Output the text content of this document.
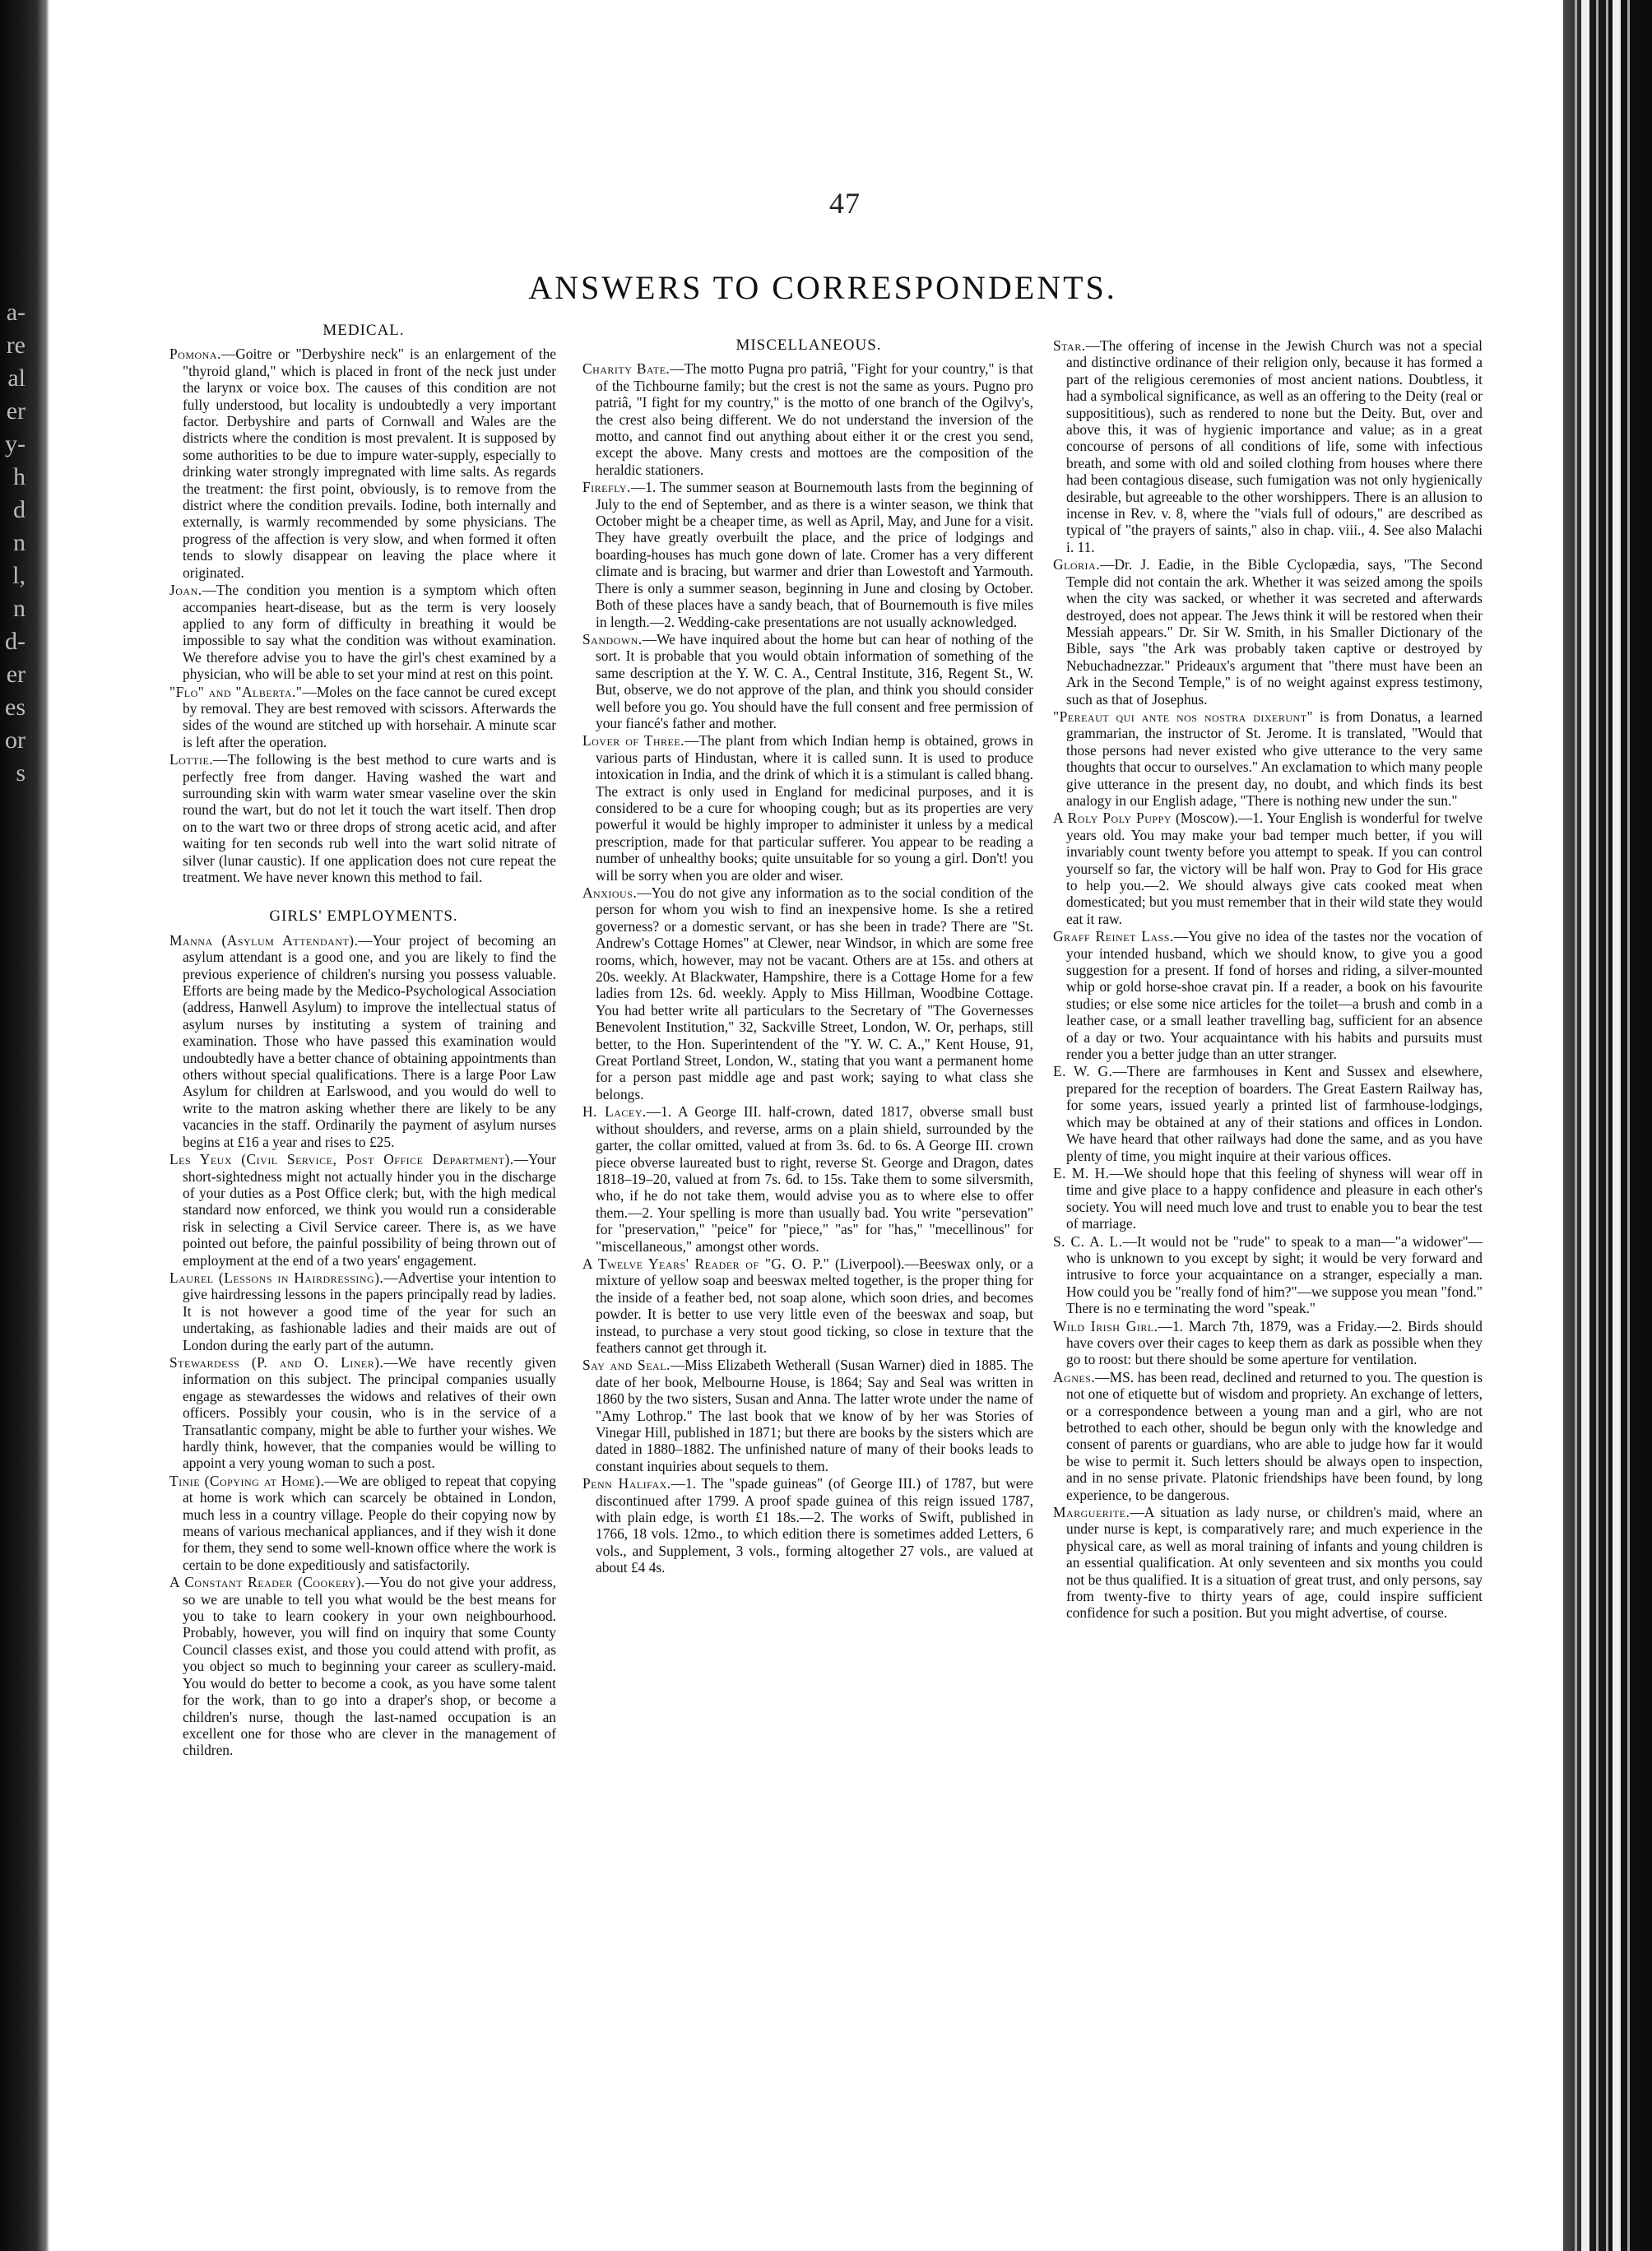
a-
re
al
er
y-
h
d
n
l,
n
d-
er
es
or
s
47
ANSWERS TO CORRESPONDENTS.
MEDICAL.

Pomona.—Goitre or "Derbyshire neck" is an enlargement of the "thyroid gland," which is placed in front of the neck just under the larynx or voice box. The causes of this condition are not fully understood, but locality is undoubtedly a very important factor. Derbyshire and parts of Cornwall and Wales are the districts where the condition is most prevalent. It is supposed by some authorities to be due to impure water-supply, especially to drinking water strongly impregnated with lime salts. As regards the treatment: the first point, obviously, is to remove from the district where the condition prevails. Iodine, both internally and externally, is warmly recommended by some physicians. The progress of the affection is very slow, and when formed it often tends to slowly disappear on leaving the place where it originated.

Joan.—The condition you mention is a symptom which often accompanies heart-disease, but as the term is very loosely applied to any form of difficulty in breathing it would be impossible to say what the condition was without examination. We therefore advise you to have the girl's chest examined by a physician, who will be able to set your mind at rest on this point.

"Flo" and "Alberta."—Moles on the face cannot be cured except by removal. They are best removed with scissors. Afterwards the sides of the wound are stitched up with horsehair. A minute scar is left after the operation.

Lottie.—The following is the best method to cure warts and is perfectly free from danger. Having washed the wart and surrounding skin with warm water smear vaseline over the skin round the wart, but do not let it touch the wart itself. Then drop on to the wart two or three drops of strong acetic acid, and after waiting for ten seconds rub well into the wart solid nitrate of silver (lunar caustic). If one application does not cure repeat the treatment. We have never known this method to fail.

GIRLS' EMPLOYMENTS.

Manna (Asylum Attendant).—Your project of becoming an asylum attendant is a good one, and you are likely to find the previous experience of children's nursing you possess valuable. Efforts are being made by the Medico-Psychological Association (address, Hanwell Asylum) to improve the intellectual status of asylum nurses by instituting a system of training and examination. Those who have passed this examination would undoubtedly have a better chance of obtaining appointments than others without special qualifications. There is a large Poor Law Asylum for children at Earlswood, and you would do well to write to the matron asking whether there are likely to be any vacancies in the staff. Ordinarily the payment of asylum nurses begins at £16 a year and rises to £25.

Les Yeux (Civil Service, Post Office Department).—Your short-sightedness might not actually hinder you in the discharge of your duties as a Post Office clerk; but, with the high medical standard now enforced, we think you would run a considerable risk in selecting a Civil Service career. There is, as we have pointed out before, the painful possibility of being thrown out of employment at the end of a two years' engagement.

Laurel (Lessons in Hairdressing).—Advertise your intention to give hairdressing lessons in the papers principally read by ladies. It is not however a good time of the year for such an undertaking, as fashionable ladies and their maids are out of London during the early part of the autumn.

Stewardess (P. and O. Liner).—We have recently given information on this subject. The principal companies usually engage as stewardesses the widows and relatives of their own officers. Possibly your cousin, who is in the service of a Transatlantic company, might be able to further your wishes. We hardly think, however, that the companies would be willing to appoint a very young woman to such a post.

Tinie (Copying at Home).—We are obliged to repeat that copying at home is work which can scarcely be obtained in London, much less in a country village. People do their copying now by means of various mechanical appliances, and if they wish it done for them, they send to some well-known office where the work is certain to be done expeditiously and satisfactorily.

A Constant Reader (Cookery).—You do not give your address, so we are unable to tell you what would be the best means for you to take to learn cookery in your own neighbourhood. Probably, however, you will find on inquiry that some County Council classes exist, and those you could attend with profit, as you object so much to beginning your career as scullery-maid. You would do better to become a cook, as you have some talent for the work, than to go into a draper's shop, or become a children's nurse, though the last-named occupation is an excellent one for those who are clever in the management of children.

MISCELLANEOUS.

Charity Bate.—The motto Pugna pro patriâ, "Fight for your country," is that of the Tichbourne family; but the crest is not the same as yours. Pugno pro patriâ, "I fight for my country," is the motto of one branch of the Ogilvy's, the crest also being different. We do not understand the inversion of the motto, and cannot find out anything about either it or the crest you send, except the above. Many crests and mottoes are the composition of the heraldic stationers.

Firefly.—1. The summer season at Bournemouth lasts from the beginning of July to the end of September, and as there is a winter season, we think that October might be a cheaper time, as well as April, May, and June for a visit. They have greatly overbuilt the place, and the price of lodgings and boarding-houses has much gone down of late. Cromer has a very different climate and is bracing, but warmer and drier than Lowestoft and Yarmouth. There is only a summer season, beginning in June and closing by October. Both of these places have a sandy beach, that of Bournemouth is five miles in length.—2. Wedding-cake presentations are not usually acknowledged.

Sandown.—We have inquired about the home but can hear of nothing of the sort. It is probable that you would obtain information of something of the same description at the Y. W. C. A., Central Institute, 316, Regent St., W. But, observe, we do not approve of the plan, and think you should consider well before you go. You should have the full consent and free permission of your fiancé's father and mother.

Lover of Three.—The plant from which Indian hemp is obtained, grows in various parts of Hindustan, where it is called sunn. It is used to produce intoxication in India, and the drink of which it is a stimulant is called bhang. The extract is only used in England for medicinal purposes, and it is considered to be a cure for whooping cough; but as its properties are very powerful it would be highly improper to administer it unless by a medical prescription, made for that particular sufferer. You appear to be reading a number of unhealthy books; quite unsuitable for so young a girl. Don't! you will be sorry when you are older and wiser.

Anxious.—You do not give any information as to the social condition of the person for whom you wish to find an inexpensive home. Is she a retired governess? or a domestic servant, or has she been in trade? There are "St. Andrew's Cottage Homes" at Clewer, near Windsor, in which are some free rooms, which, however, may not be vacant. Others are at 15s. and others at 20s. weekly. At Blackwater, Hampshire, there is a Cottage Home for a few ladies from 12s. 6d. weekly. Apply to Miss Hillman, Woodbine Cottage. You had better write all particulars to the Secretary of "The Governesses Benevolent Institution," 32, Sackville Street, London, W. Or, perhaps, still better, to the Hon. Superintendent of the "Y. W. C. A.," Kent House, 91, Great Portland Street, London, W., stating that you want a permanent home for a person past middle age and past work; saying to what class she belongs.

H. Lacey.—1. A George III. half-crown, dated 1817, obverse small bust without shoulders, and reverse, arms on a plain shield, surrounded by the garter, the collar omitted, valued at from 3s. 6d. to 6s. A George III. crown piece obverse laureated bust to right, reverse St. George and Dragon, dates 1818–19–20, valued at from 7s. 6d. to 15s. Take them to some silversmith, who, if he do not take them, would advise you as to where else to offer them.—2. Your spelling is more than usually bad. You write "persevation" for "preservation," "peice" for "piece," "as" for "has," "mecellinous" for "miscellaneous," amongst other words.

A Twelve Years' Reader of "G. O. P." (Liverpool).—Beeswax only, or a mixture of yellow soap and beeswax melted together, is the proper thing for the inside of a feather bed, not soap alone, which soon dries, and becomes powder. It is better to use very little even of the beeswax and soap, but instead, to purchase a very stout good ticking, so close in texture that the feathers cannot get through it.

Say and Seal.—Miss Elizabeth Wetherall (Susan Warner) died in 1885. The date of her book, Melbourne House, is 1864; Say and Seal was written in 1860 by the two sisters, Susan and Anna. The latter wrote under the name of "Amy Lothrop." The last book that we know of by her was Stories of Vinegar Hill, published in 1871; but there are books by the sisters which are dated in 1880–1882. The unfinished nature of many of their books leads to constant inquiries about sequels to them.

Penn Halifax.—1. The "spade guineas" (of George III.) of 1787, but were discontinued after 1799. A proof spade guinea of this reign issued 1787, with plain edge, is worth £1 18s.—2. The works of Swift, published in 1766, 18 vols. 12mo., to which edition there is sometimes added Letters, 6 vols., and Supplement, 3 vols., forming altogether 27 vols., are valued at about £4 4s.

Star.—The offering of incense in the Jewish Church was not a special and distinctive ordinance of their religion only, because it has formed a part of the religious ceremonies of most ancient nations. Doubtless, it had a symbolical significance, as well as an offering to the Deity (real or supposititious), such as rendered to none but the Deity. But, over and above this, it was of hygienic importance and value; as in a great concourse of persons of all conditions of life, some with infectious breath, and some with old and soiled clothing from houses where there had been contagious disease, such fumigation was not only hygienically desirable, but agreeable to the other worshippers. There is an allusion to incense in Rev. v. 8, where the "vials full of odours," are described as typical of "the prayers of saints," also in chap. viii., 4. See also Malachi i. 11.

Gloria.—Dr. J. Eadie, in the Bible Cyclopædia, says, "The Second Temple did not contain the ark. Whether it was seized among the spoils when the city was sacked, or whether it was secreted and afterwards destroyed, does not appear. The Jews think it will be restored when their Messiah appears." Dr. Sir W. Smith, in his Smaller Dictionary of the Bible, says "the Ark was probably taken captive or destroyed by Nebuchadnezzar." Prideaux's argument that "there must have been an Ark in the Second Temple," is of no weight against express testimony, such as that of Josephus.

"Pereaut qui ante nos nostra dixerunt" is from Donatus, a learned grammarian, the instructor of St. Jerome. It is translated, "Would that those persons had never existed who give utterance to the very same thoughts that occur to ourselves." An exclamation to which many people give utterance in the present day, no doubt, and which finds its best analogy in our English adage, "There is nothing new under the sun."

A Roly Poly Puppy (Moscow).—1. Your English is wonderful for twelve years old. You may make your bad temper much better, if you will invariably count twenty before you attempt to speak. If you can control yourself so far, the victory will be half won. Pray to God for His grace to help you.—2. We should always give cats cooked meat when domesticated; but you must remember that in their wild state they would eat it raw.

Graff Reinet Lass.—You give no idea of the tastes nor the vocation of your intended husband, which we should know, to give you a good suggestion for a present. If fond of horses and riding, a silver-mounted whip or gold horse-shoe cravat pin. If a reader, a book on his favourite studies; or else some nice articles for the toilet—a brush and comb in a leather case, or a small leather travelling bag, sufficient for an absence of a day or two. Your acquaintance with his habits and pursuits must render you a better judge than an utter stranger.

E. W. G.—There are farmhouses in Kent and Sussex and elsewhere, prepared for the reception of boarders. The Great Eastern Railway has, for some years, issued yearly a printed list of farmhouse-lodgings, which may be obtained at any of their stations and offices in London. We have heard that other railways had done the same, and as you have plenty of time, you might inquire at their various offices.

E. M. H.—We should hope that this feeling of shyness will wear off in time and give place to a happy confidence and pleasure in each other's society. You will need much love and trust to enable you to bear the test of marriage.

S. C. A. L.—It would not be "rude" to speak to a man—"a widower"—who is unknown to you except by sight; it would be very forward and intrusive to force your acquaintance on a stranger, especially a man. How could you be "really fond of him?"—we suppose you mean "fond." There is no e terminating the word "speak."

Wild Irish Girl.—1. March 7th, 1879, was a Friday.—2. Birds should have covers over their cages to keep them as dark as possible when they go to roost: but there should be some aperture for ventilation.

Agnes.—MS. has been read, declined and returned to you. The question is not one of etiquette but of wisdom and propriety. An exchange of letters, or a correspondence between a young man and a girl, who are not betrothed to each other, should be begun only with the knowledge and consent of parents or guardians, who are able to judge how far it would be wise to permit it. Such letters should be always open to inspection, and in no sense private. Platonic friendships have been found, by long experience, to be dangerous.

Marguerite.—A situation as lady nurse, or children's maid, where an under nurse is kept, is comparatively rare; and much experience in the physical care, as well as moral training of infants and young children is an essential qualification. At only seventeen and six months you could not be thus qualified. It is a situation of great trust, and only persons, say from twenty-five to thirty years of age, could inspire sufficient confidence for such a position. But you might advertise, of course.
